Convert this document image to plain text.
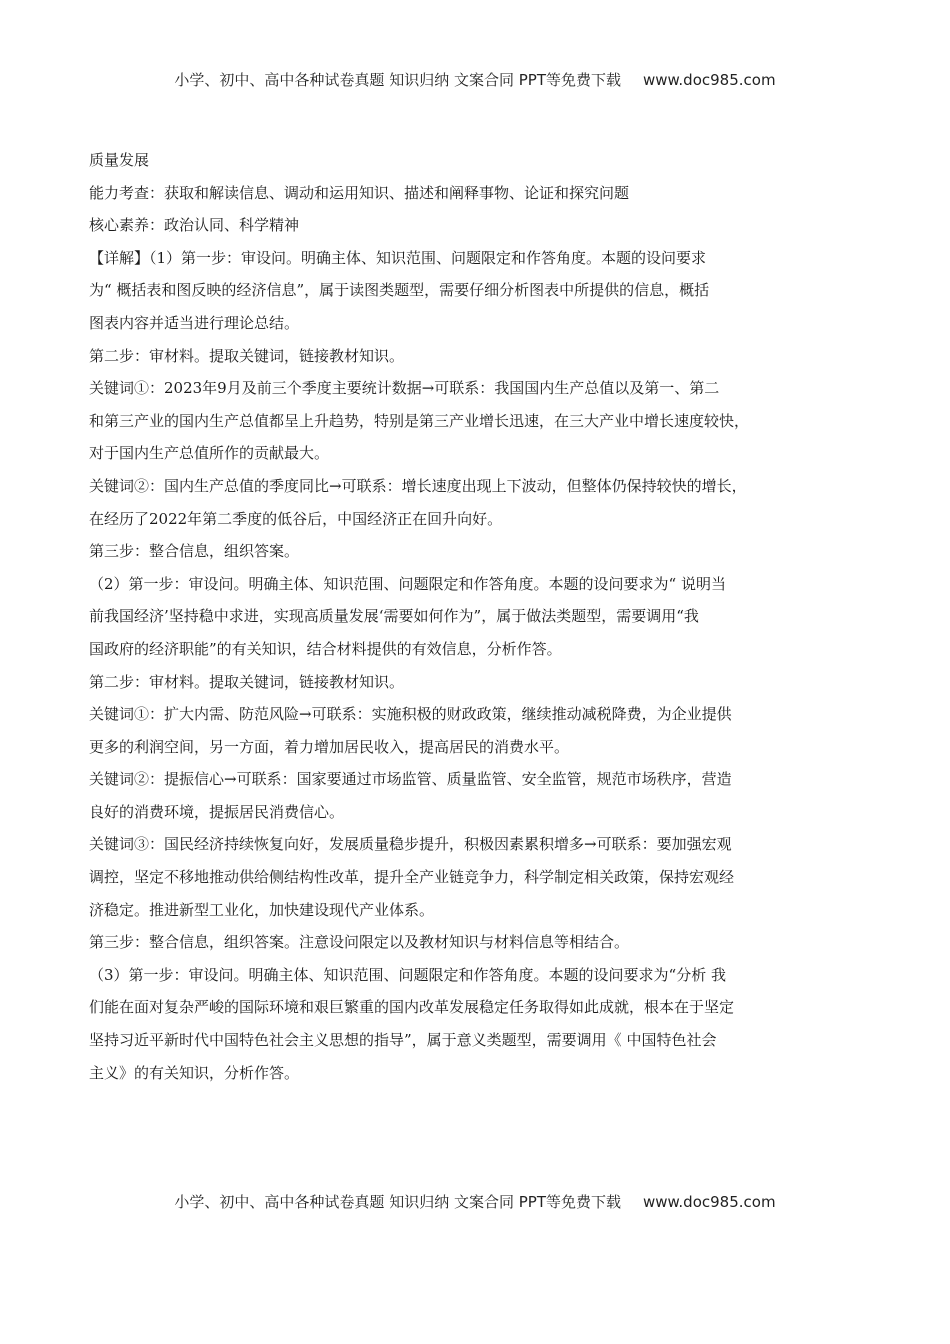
小学、初中、高中各种试卷真题 知识归纳 文案合同 PPT等免费下载 www.doc985.com
质量发展
能力考查：获取和解读信息、调动和运用知识、描述和阐释事物、论证和探究问题
核心素养：政治认同、科学精神
【详解】（1）第一步：审设问。明确主体、知识范围、问题限定和作答角度。本题的设问要求
为“ 概括表和图反映的经济信息”，属于读图类题型，需要仔细分析图表中所提供的信息，概括
图表内容并适当进行理论总结。
第二步：审材料。提取关键词，链接教材知识。
关键词①：2023年9月及前三个季度主要统计数据→可联系：我国国内生产总值以及第一、第二
和第三产业的国内生产总值都呈上升趋势，特别是第三产业增长迅速，在三大产业中增长速度较快，
对于国内生产总值所作的贡献最大。
关键词②：国内生产总值的季度同比→可联系：增长速度出现上下波动，但整体仍保持较快的增长，
在经历了2022年第二季度的低谷后，中国经济正在回升向好。
第三步：整合信息，组织答案。
（2）第一步：审设问。明确主体、知识范围、问题限定和作答角度。本题的设问要求为“ 说明当
前我国经济’坚持稳中求进，实现高质量发展‘需要如何作为”，属于做法类题型，需要调用“我
国政府的经济职能”的有关知识，结合材料提供的有效信息，分析作答。
第二步：审材料。提取关键词，链接教材知识。
关键词①：扩大内需、防范风险→可联系：实施积极的财政政策，继续推动减税降费，为企业提供
更多的利润空间，另一方面，着力增加居民收入，提高居民的消费水平。
关键词②：提振信心→可联系：国家要通过市场监管、质量监管、安全监管，规范市场秩序，营造
良好的消费环境，提振居民消费信心。
关键词③：国民经济持续恢复向好，发展质量稳步提升，积极因素累积增多→可联系：要加强宏观
调控，坚定不移地推动供给侧结构性改革，提升全产业链竞争力，科学制定相关政策，保持宏观经
济稳定。推进新型工业化，加快建设现代产业体系。
第三步：整合信息，组织答案。注意设问限定以及教材知识与材料信息等相结合。
（3）第一步：审设问。明确主体、知识范围、问题限定和作答角度。本题的设问要求为“分析 我
们能在面对复杂严峻的国际环境和艰巨繁重的国内改革发展稳定任务取得如此成就，根本在于坚定
坚持习近平新时代中国特色社会主义思想的指导”，属于意义类题型，需要调用《 中国特色社会
主义》的有关知识，分析作答。
小学、初中、高中各种试卷真题 知识归纳 文案合同 PPT等免费下载 www.doc985.com
